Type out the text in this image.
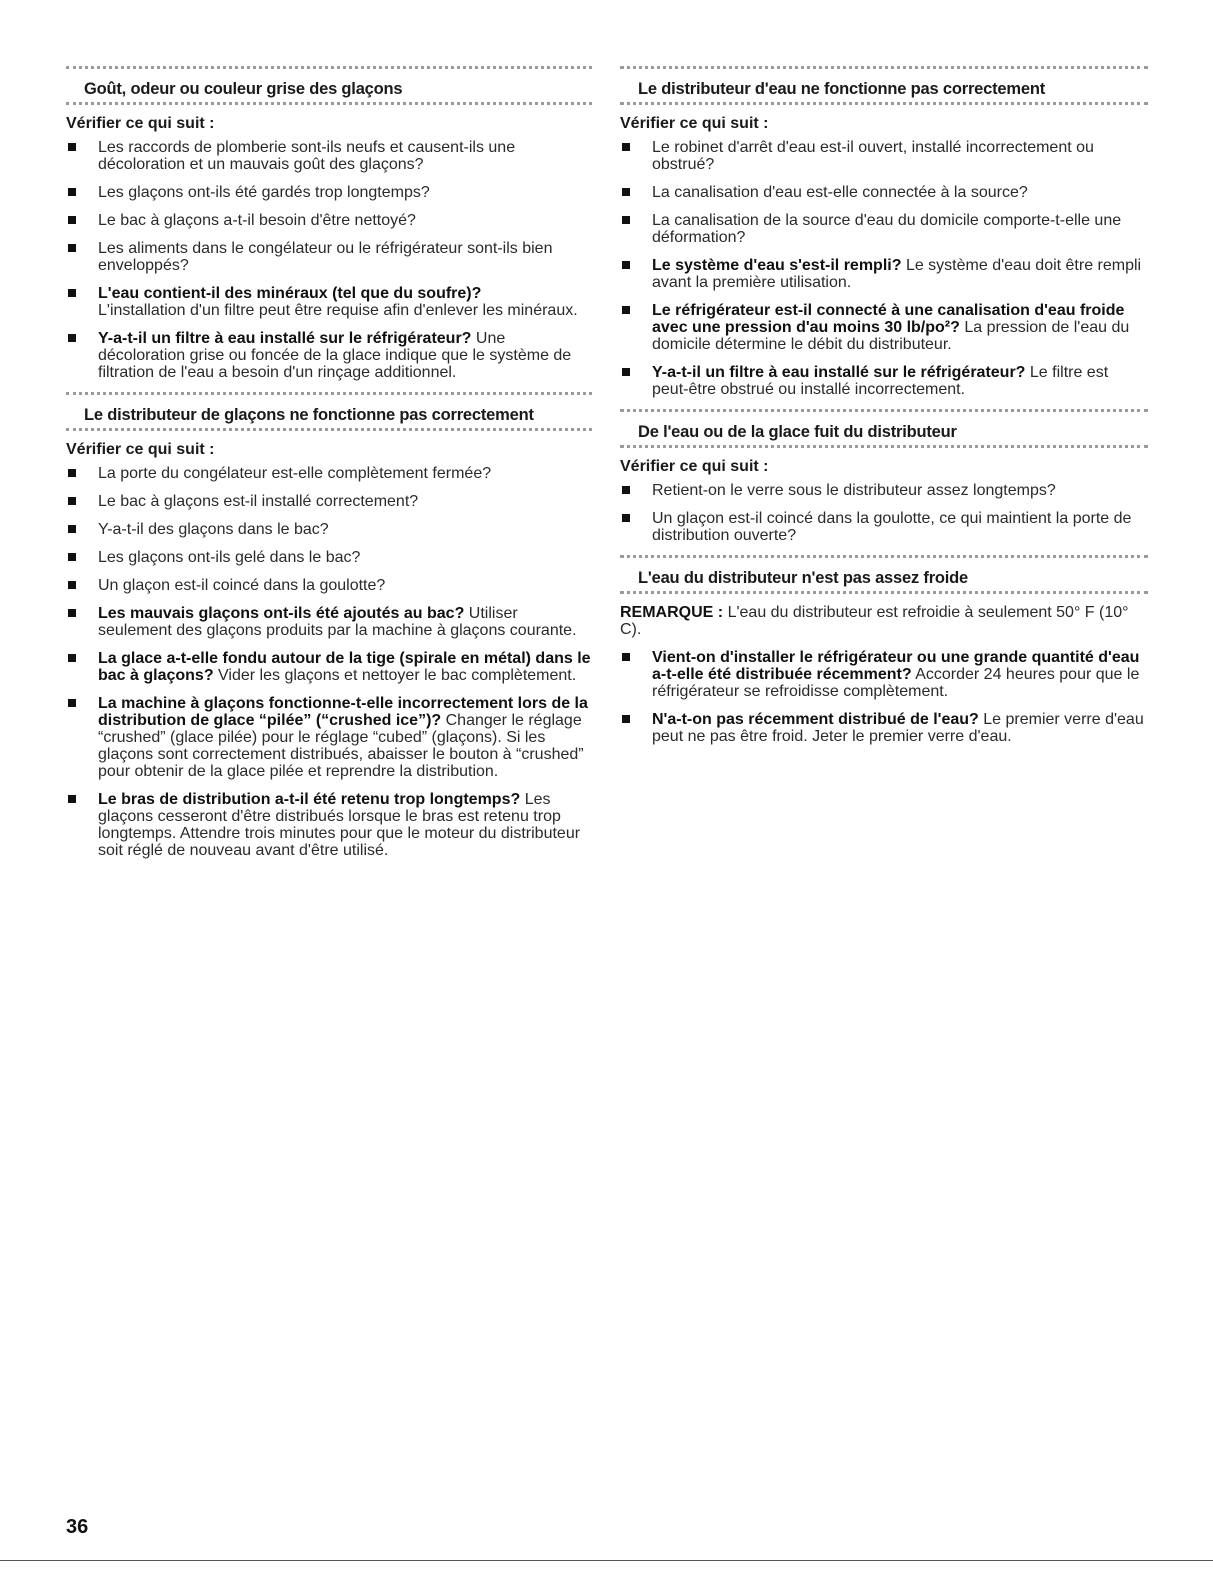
Goût, odeur ou couleur grise des glaçons
Vérifier ce qui suit :
Les raccords de plomberie sont-ils neufs et causent-ils une décoloration et un mauvais goût des glaçons?
Les glaçons ont-ils été gardés trop longtemps?
Le bac à glaçons a-t-il besoin d'être nettoyé?
Les aliments dans le congélateur ou le réfrigérateur sont-ils bien enveloppés?
L'eau contient-il des minéraux (tel que du soufre)?
L'installation d'un filtre peut être requise afin d'enlever les minéraux.
Y-a-t-il un filtre à eau installé sur le réfrigérateur? Une décoloration grise ou foncée de la glace indique que le système de filtration de l'eau a besoin d'un rinçage additionnel.
Le distributeur de glaçons ne fonctionne pas correctement
Vérifier ce qui suit :
La porte du congélateur est-elle complètement fermée?
Le bac à glaçons est-il installé correctement?
Y-a-t-il des glaçons dans le bac?
Les glaçons ont-ils gelé dans le bac?
Un glaçon est-il coincé dans la goulotte?
Les mauvais glaçons ont-ils été ajoutés au bac? Utiliser seulement des glaçons produits par la machine à glaçons courante.
La glace a-t-elle fondu autour de la tige (spirale en métal) dans le bac à glaçons? Vider les glaçons et nettoyer le bac complètement.
La machine à glaçons fonctionne-t-elle incorrectement lors de la distribution de glace “pilée” (“crushed ice”)? Changer le réglage “crushed” (glace pilée) pour le réglage “cubed” (glaçons). Si les glaçons sont correctement distribués, abaisser le bouton à “crushed” pour obtenir de la glace pilée et reprendre la distribution.
Le bras de distribution a-t-il été retenu trop longtemps? Les glaçons cesseront d'être distribués lorsque le bras est retenu trop longtemps. Attendre trois minutes pour que le moteur du distributeur soit réglé de nouveau avant d'être utilisé.
Le distributeur d'eau ne fonctionne pas correctement
Vérifier ce qui suit :
Le robinet d'arrêt d'eau est-il ouvert, installé incorrectement ou obstrué?
La canalisation d'eau est-elle connectée à la source?
La canalisation de la source d'eau du domicile comporte-t-elle une déformation?
Le système d'eau s'est-il rempli? Le système d'eau doit être rempli avant la première utilisation.
Le réfrigérateur est-il connecté à une canalisation d'eau froide avec une pression d'au moins 30 lb/po²? La pression de l'eau du domicile détermine le débit du distributeur.
Y-a-t-il un filtre à eau installé sur le réfrigérateur? Le filtre est peut-être obstrué ou installé incorrectement.
De l'eau ou de la glace fuit du distributeur
Vérifier ce qui suit :
Retient-on le verre sous le distributeur assez longtemps?
Un glaçon est-il coincé dans la goulotte, ce qui maintient la porte de distribution ouverte?
L'eau du distributeur n'est pas assez froide
REMARQUE : L'eau du distributeur est refroidie à seulement 50° F (10° C).
Vient-on d'installer le réfrigérateur ou une grande quantité d'eau a-t-elle été distribuée récemment? Accorder 24 heures pour que le réfrigérateur se refroidisse complètement.
N'a-t-on pas récemment distribué de l'eau? Le premier verre d'eau peut ne pas être froid. Jeter le premier verre d'eau.
36
